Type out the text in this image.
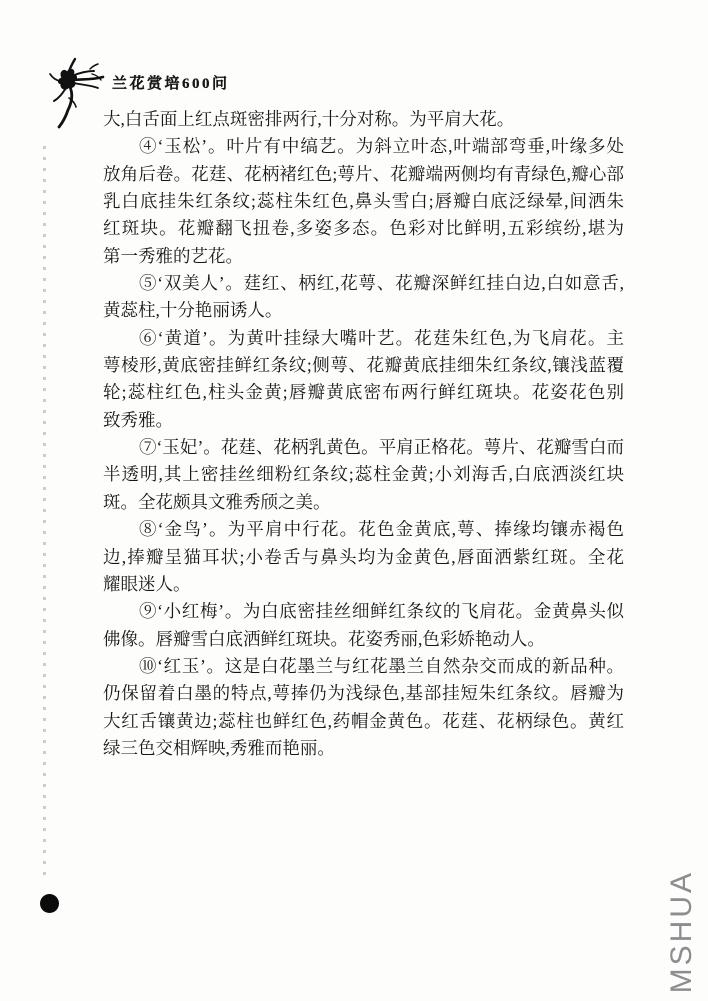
兰花赏培600问
大,白舌面上红点斑密排两行,十分对称。为平肩大花。
④‘玉松’。叶片有中缟艺。为斜立叶态,叶端部弯垂,叶缘多处
放角后卷。花莛、花柄褚红色;萼片、花瓣端两侧均有青绿色,瓣心部
乳白底挂朱红条纹;蕊柱朱红色,鼻头雪白;唇瓣白底泛绿晕,间洒朱
红斑块。花瓣翻飞扭卷,多姿多态。色彩对比鲜明,五彩缤纷,堪为
第一秀雅的艺花。
⑤‘双美人’。莛红、柄红,花萼、花瓣深鲜红挂白边,白如意舌,
黄蕊柱,十分艳丽诱人。
⑥‘黄道’。为黄叶挂绿大嘴叶艺。花莛朱红色,为飞肩花。主
萼棱形,黄底密挂鲜红条纹;侧萼、花瓣黄底挂细朱红条纹,镶浅蓝覆
轮;蕊柱红色,柱头金黄;唇瓣黄底密布两行鲜红斑块。花姿花色别
致秀雅。
⑦‘玉妃’。花莛、花柄乳黄色。平肩正格花。萼片、花瓣雪白而
半透明,其上密挂丝细粉红条纹;蕊柱金黄;小刘海舌,白底洒淡红块
斑。全花颇具文雅秀颀之美。
⑧‘金鸟’。为平肩中行花。花色金黄底,萼、捧缘均镶赤褐色
边,捧瓣呈猫耳状;小卷舌与鼻头均为金黄色,唇面洒紫红斑。全花
耀眼迷人。
⑨‘小红梅’。为白底密挂丝细鲜红条纹的飞肩花。金黄鼻头似
佛像。唇瓣雪白底洒鲜红斑块。花姿秀丽,色彩娇艳动人。
⑩‘红玉’。这是白花墨兰与红花墨兰自然杂交而成的新品种。
仍保留着白墨的特点,萼捧仍为浅绿色,基部挂短朱红条纹。唇瓣为
大红舌镶黄边;蕊柱也鲜红色,药帽金黄色。花莛、花柄绿色。黄红
绿三色交相辉映,秀雅而艳丽。
MSHUA
